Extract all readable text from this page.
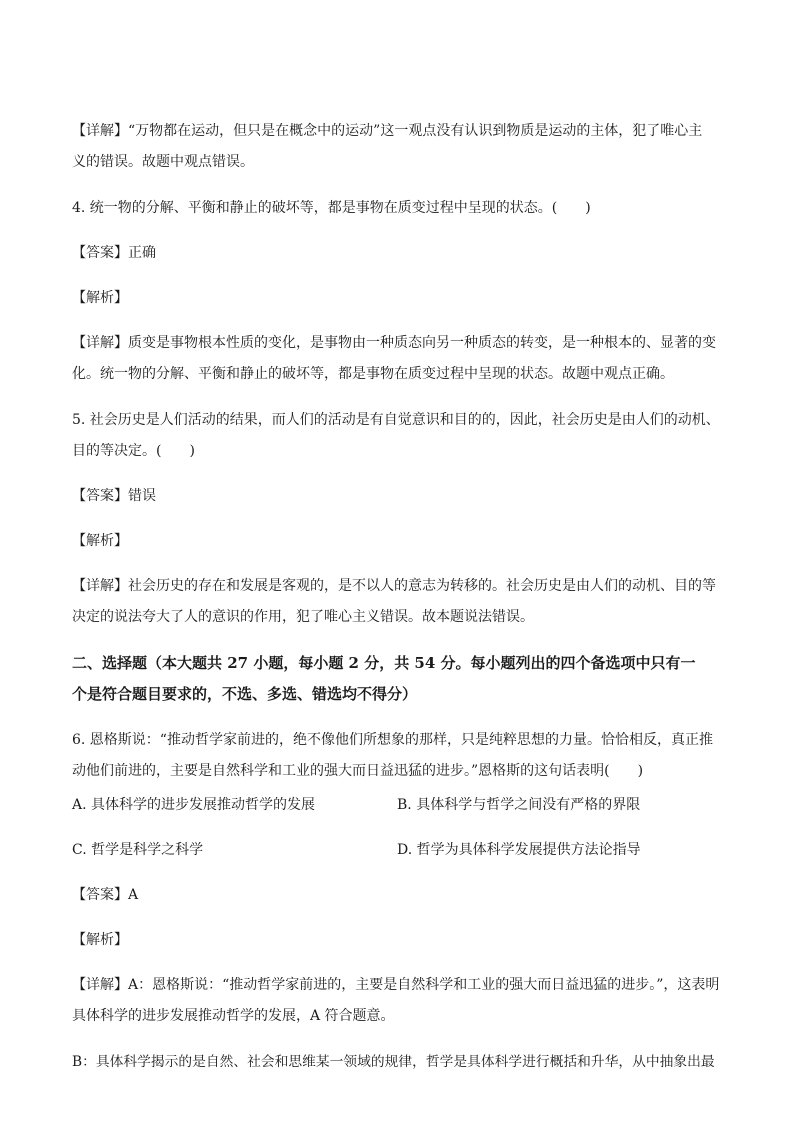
【详解】“万物都在运动，但只是在概念中的运动”这一观点没有认识到物质是运动的主体，犯了唯心主
义的错误。故题中观点错误。
4. 统一物的分解、平衡和静止的破坏等，都是事物在质变过程中呈现的状态。(　　)
【答案】正确
【解析】
【详解】质变是事物根本性质的变化，是事物由一种质态向另一种质态的转变，是一种根本的、显著的变
化。统一物的分解、平衡和静止的破坏等，都是事物在质变过程中呈现的状态。故题中观点正确。
5. 社会历史是人们活动的结果，而人们的活动是有自觉意识和目的的，因此，社会历史是由人们的动机、
目的等决定。(　　)
【答案】错误
【解析】
【详解】社会历史的存在和发展是客观的，是不以人的意志为转移的。社会历史是由人们的动机、目的等
决定的说法夸大了人的意识的作用，犯了唯心主义错误。故本题说法错误。
二、选择题（本大题共 27 小题，每小题 2 分，共 54 分。每小题列出的四个备选项中只有一
个是符合题目要求的，不选、多选、错选均不得分）
6. 恩格斯说：“推动哲学家前进的，绝不像他们所想象的那样，只是纯粹思想的力量。恰恰相反，真正推
动他们前进的，主要是自然科学和工业的强大而日益迅猛的进步。”恩格斯的这句话表明(　　)
A. 具体科学的进步发展推动哲学的发展	B. 具体科学与哲学之间没有严格的界限
C. 哲学是科学之科学	D. 哲学为具体科学发展提供方法论指导
【答案】A
【解析】
【详解】A：恩格斯说：“推动哲学家前进的，主要是自然科学和工业的强大而日益迅猛的进步。”，这表明
具体科学的进步发展推动哲学的发展，A 符合题意。
B：具体科学揭示的是自然、社会和思维某一领域的规律，哲学是具体科学进行概括和升华，从中抽象出最
